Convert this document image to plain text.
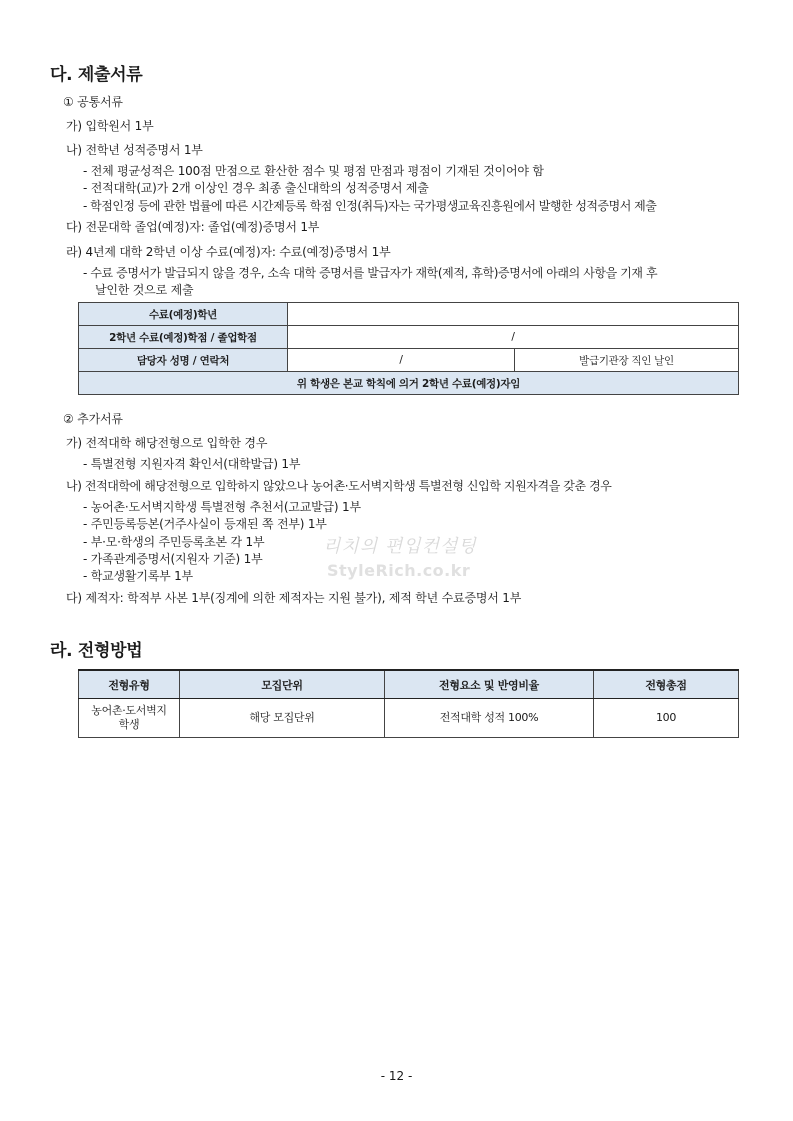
다. 제출서류
① 공통서류
가) 입학원서 1부
나) 전학년 성적증명서 1부
- 전체 평균성적은 100점 만점으로 환산한 점수 및 평점 만점과 평점이 기재된 것이어야 함
- 전적대학(교)가 2개 이상인 경우 최종 출신대학의 성적증명서 제출
- 학점인정 등에 관한 법률에 따른 시간제등록 학점 인정(취득)자는 국가평생교육진흥원에서 발행한 성적증명서 제출
다) 전문대학 졸업(예정)자: 졸업(예정)증명서 1부
라) 4년제 대학 2학년 이상 수료(예정)자: 수료(예정)증명서 1부
- 수료 증명서가 발급되지 않을 경우, 소속 대학 증명서를 발급자가 재학(제적, 휴학)증명서에 아래의 사항을 기재 후
날인한 것으로 제출
수료(예정)학년		
2학년 수료(예정)학점 / 졸업학점	/	
담당자 성명 / 연락처	/	발급기관장 직인 날인
위 학생은 본교 학칙에 의거 2학년 수료(예정)자임		
② 추가서류
가) 전적대학 해당전형으로 입학한 경우
- 특별전형 지원자격 확인서(대학발급) 1부
나) 전적대학에 해당전형으로 입학하지 않았으나 농어촌·도서벽지학생 특별전형 신입학 지원자격을 갖춘 경우
- 농어촌·도서벽지학생 특별전형 추천서(고교발급) 1부
- 주민등록등본(거주사실이 등재된 쪽 전부) 1부
- 부·모·학생의 주민등록초본 각 1부
- 가족관계증명서(지원자 기준) 1부
- 학교생활기록부 1부
다) 제적자: 학적부 사본 1부(징계에 의한 제적자는 지원 불가), 제적 학년 수료증명서 1부
리치의 편입컨설팅
StyleRich.co.kr
라. 전형방법
전형유형	모집단위	전형요소 및 반영비율	전형총점
농어촌·도서벽지
학생	해당 모집단위	전적대학 성적 100%	100
- 12 -
